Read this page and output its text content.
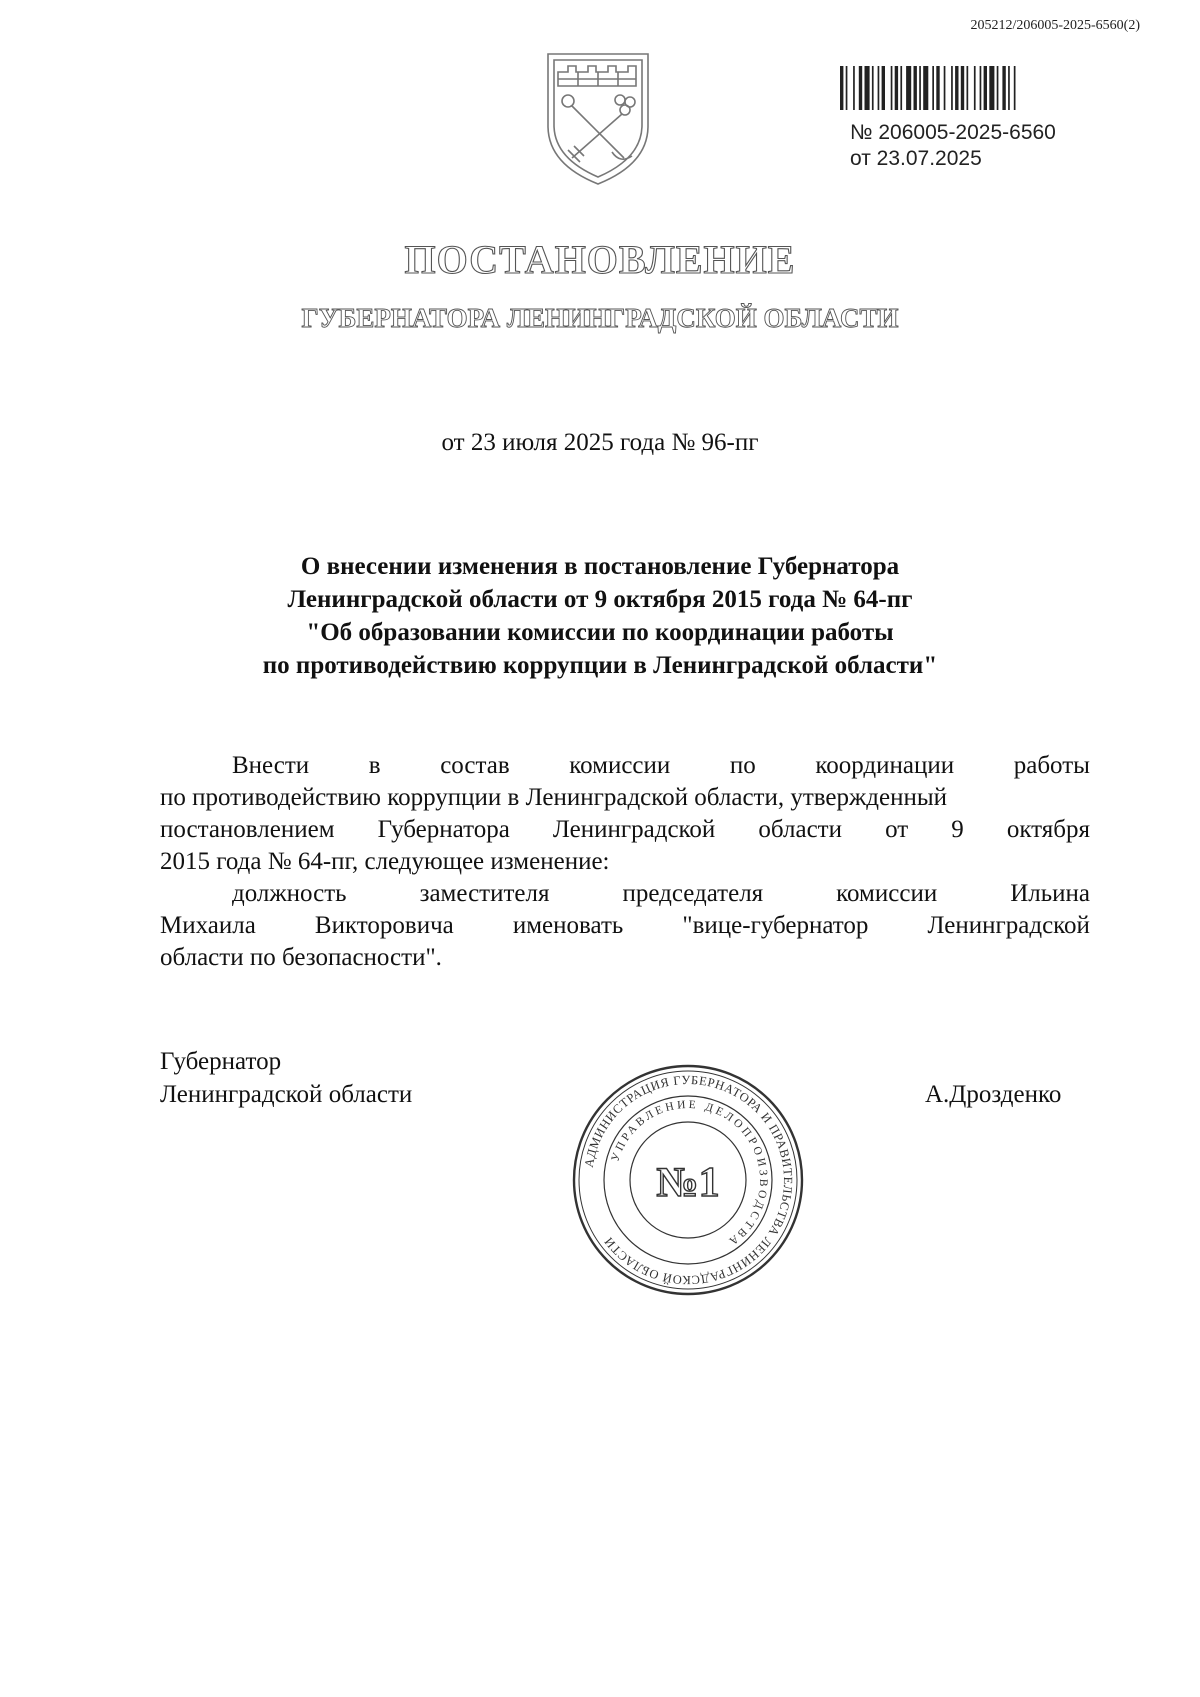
205212/206005-2025-6560(2)
№ 206005-2025-6560
от 23.07.2025
ПОСТАНОВЛЕНИЕ
ГУБЕРНАТОРА ЛЕНИНГРАДСКОЙ ОБЛАСТИ
от 23 июля 2025 года № 96-пг
О внесении изменения в постановление Губернатора
Ленинградской области от 9 октября 2015 года № 64-пг
"Об образовании комиссии по координации работы
по противодействию коррупции в Ленинградской области"
Внести в состав комиссии по координации работы
по противодействию коррупции в Ленинградской области, утвержденный
постановлением Губернатора Ленинградской области от 9 октября
2015 года № 64-пг, следующее изменение:
должность	заместителя	председателя	комиссии	Ильина
Михаила Викторовича именовать "вице-губернатор Ленинградской
области по безопасности".
Губернатор
Ленинградской области	А.Дрозденко
АДМИНИСТРАЦИЯ ГУБЕРНАТОРА И ПРАВИТЕЛЬСТВА ЛЕНИНГРАДСКОЙ ОБЛАСТИ
УПРАВЛЕНИЕ ДЕЛОПРОИЗВОДСТВА
№1
